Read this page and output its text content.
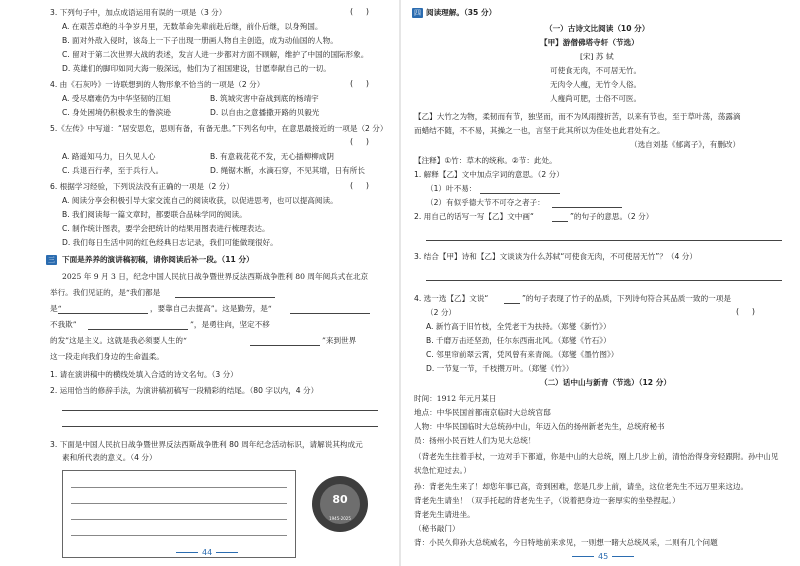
3. 下列句子中，加点成语运用有误的一项是（3 分）	(     )
A. 在艰苦卓绝的斗争岁月里，无数革命先辈前赴后继，前仆后继，以身殉国。
B. 面对外敌入侵时，该岛上一下子出现一册画人物自主创造，成为动仙国的人物。
C. 留对于第二次世界大战的表述，发言人进一步都对方面不顾解，维护了中国的国际形象。
D. 英雄们的脚印如同大海一般深远，他们为了祖国建设，甘愿奉献自己的一切。
4. 由《石灰吟》一诗联想到的人物形象不恰当的一项是（2 分）	(     )
A. 受尽磨难仍为中华坚韧的江姐	B. 筑城灾害中奋战到底的杨靖宇
C. 身处困境仍积极求生的鲁滨逊	D. 以自由之意播撒开路的贝毅光
5.《左传》中写道：“居安思危，思则有备，有备无患。”下列名句中，在意思最接近的一项是（2 分）
(     )
A. 路遥知马力，日久见人心	B. 有意栽花花不发，无心插柳柳成阴
C. 兵退百行孝，至于兵行人。	D. 绳锯木断，水滴石穿，不见其增，日有所长
6. 根据学习经验，下列说法没有正确的一项是（2 分）	(     )
A. 阅读分享会积极引导大家交流自己的阅读收获，以促进思考，也可以提高阅读。
B. 我们阅读每一篇文章时，都要联合品味学同的阅读。
C. 制作统计图表，要学会把统计的结果用图表进行梳理表达。
D. 我们每日生活中同的红色经典日志记录，我们可能做现很好。
三 下面是养养的演讲稿初稿，请你阅读后补一段。（11 分）
2025 年 9 月 3 日，纪念中国人民抗日战争暨世界反法西斯战争胜利 80 周年阅兵式在北京
举行。我们见证的，是“我们都是
是“	，要靠自己去提高”。这是勤劳，是“
不我欺”	”，是勇往向，坚定不移
的发”这是主义。这就是我必须要人生的“	”来到世界
这一段走向我们身边的生命温柔。
1. 请在演讲稿中的横线处填入合适的诗文名句。（3 分）
2. 运用恰当的修辞手法，为演讲稿初稿写一段精彩的结尾。（80 字以内，4 分）
3. 下面是中国人民抗日战争暨世界反法西斯战争胜利 80 周年纪念活动标识，请解说其构成元
素和所代表的意义。（4 分）
80
1945-2025
44
四 阅读理解。（35 分）
（一）古诗文比阅读（10 分）
【甲】游僧佛塔寺轩（节选）
[宋] 苏 轼
可使食无肉，不可居无竹。
无肉令人瘦，无竹令人俗。
人瘦尚可肥，士俗不可医。
【乙】大竹之为物，柔韧而有节，独坚而，而不为风雨搜折苦，以来有节也，至于草叶荡，荡露滴
而蜡结不随，不不易，其操之一也，言坚于此其所以为佳处也此君处有之。
（选自刘基《郁离子》，有删改）
【注释】①竹：草木的统称。②节：此处。
1. 解释【乙】文中加点字词的意思。（2 分）
（1）叶不易：
（2）有似乎德大节不可夺之者子：
2. 用自己的话写一写【乙】文中画“	”的句子的意思。（2 分）
3. 结合【甲】诗和【乙】文谈谈为什么苏轼“可使食无肉，不可使居无竹”？（4 分）
4. 选一选【乙】文说“	”的句子表现了竹子的品质，下列诗句符合其品质一致的一项是
（2 分）	(     )
A. 新竹高于旧竹枝，全凭老干为扶持。（郑燮《新竹》）
B. 千磨万击还坚劲，任尔东西南北风。（郑燮《竹石》）
C. 邻里帘前翠云霄，凭风曾有来青阁。（郑燮《墨竹图》）
D. 一节复一节，千枝攒万叶。（郑燮《竹》）
（二）话中山与新青（节选）（12 分）
时间：1912 年元月某日
地点：中华民国首都南京临时大总统官邸
人物：中华民国临时大总统孙中山，年迈入伍的扬州新老先生，总统府秘书
员：扬州小民百姓人们为见大总统！
（背老先生拄着手杖，一边对手下都道，你是中山的大总统，刚上几步上前，清怡治得身旁轻跟附。孙中山见
状急忙迎过去。）
孙：背老先生来了！却您年事已高，奇到困难，您是几步上前，请坐，这位老先生不远万里来这边。
背老先生请坐！（双手托起的背老先生子，（说着把身边一套厚实的坐垫捏起。）
背老先生请进坐。
（秘书敲门）
背：小民久仰孙大总统威名，今日特地前来求见，一则想一睹大总统风采，二则有几个问题
45
